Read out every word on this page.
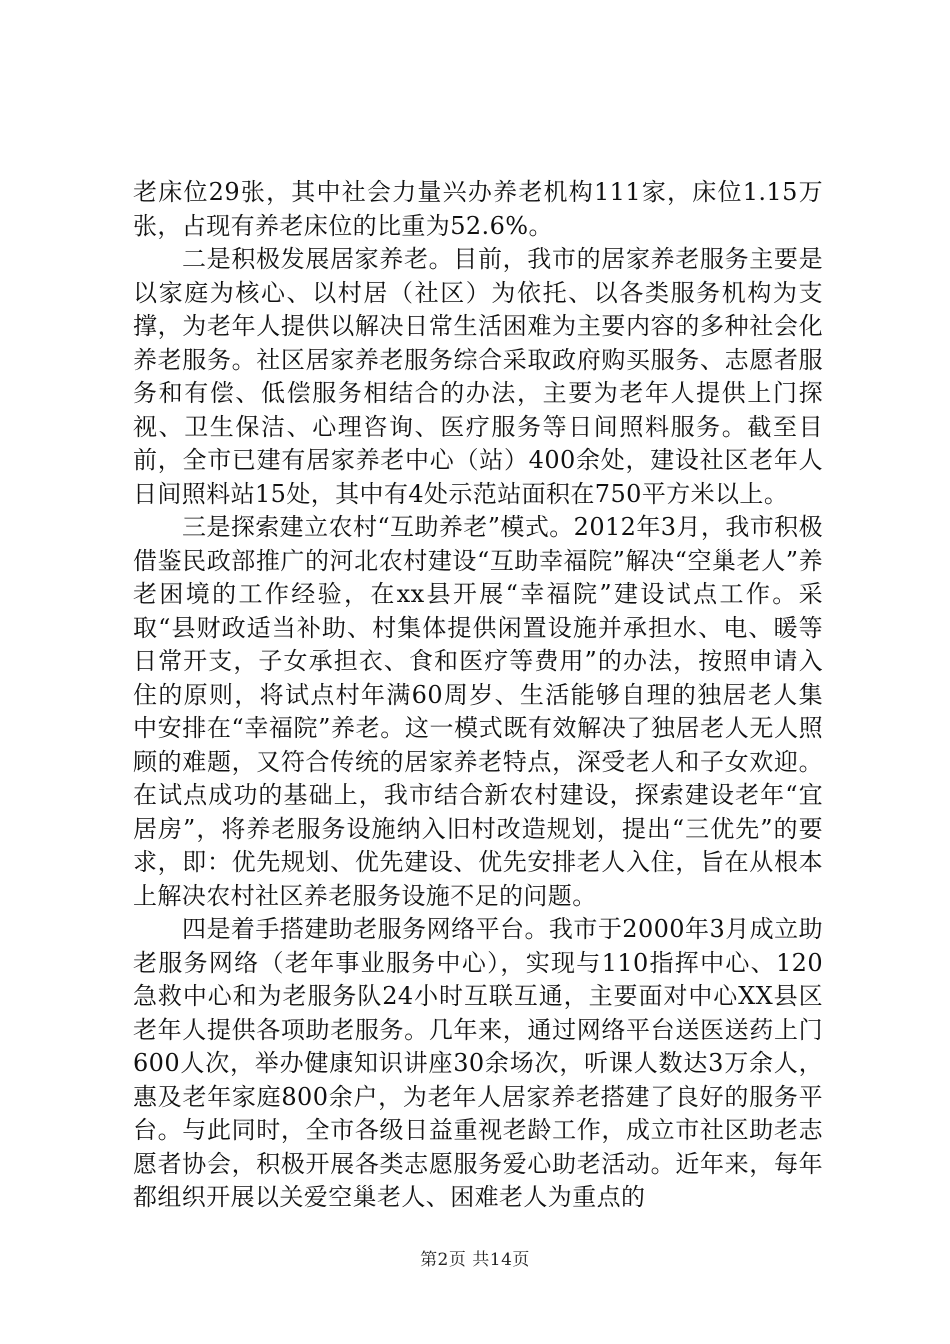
老床位29张，其中社会力量兴办养老机构111家，床位1.15万张，占现有养老床位的比重为52.6%。

二是积极发展居家养老。目前，我市的居家养老服务主要是以家庭为核心、以村居（社区）为依托、以各类服务机构为支撑，为老年人提供以解决日常生活困难为主要内容的多种社会化养老服务。社区居家养老服务综合采取政府购买服务、志愿者服务和有偿、低偿服务相结合的办法，主要为老年人提供上门探视、卫生保洁、心理咨询、医疗服务等日间照料服务。截至目前，全市已建有居家养老中心（站）400余处，建设社区老年人日间照料站15处，其中有4处示范站面积在750平方米以上。

三是探索建立农村“互助养老”模式。2012年3月，我市积极借鉴民政部推广的河北农村建设“互助幸福院”解决“空巢老人”养老困境的工作经验，在xx县开展“幸福院”建设试点工作。采取“县财政适当补助、村集体提供闲置设施并承担水、电、暖等日常开支，子女承担衣、食和医疗等费用”的办法，按照申请入住的原则，将试点村年满60周岁、生活能够自理的独居老人集中安排在“幸福院”养老。这一模式既有效解决了独居老人无人照顾的难题，又符合传统的居家养老特点，深受老人和子女欢迎。在试点成功的基础上，我市结合新农村建设，探索建设老年“宜居房”，将养老服务设施纳入旧村改造规划，提出“三优先”的要求，即：优先规划、优先建设、优先安排老人入住，旨在从根本上解决农村社区养老服务设施不足的问题。

四是着手搭建助老服务网络平台。我市于2000年3月成立助老服务网络（老年事业服务中心），实现与110指挥中心、120急救中心和为老服务队24小时互联互通，主要面对中心XX县区老年人提供各项助老服务。几年来，通过网络平台送医送药上门600人次，举办健康知识讲座30余场次，听课人数达3万余人，惠及老年家庭800余户，为老年人居家养老搭建了良好的服务平台。与此同时，全市各级日益重视老龄工作，成立市社区助老志愿者协会，积极开展各类志愿服务爱心助老活动。近年来，每年都组织开展以关爱空巢老人、困难老人为重点的

第2页 共14页
